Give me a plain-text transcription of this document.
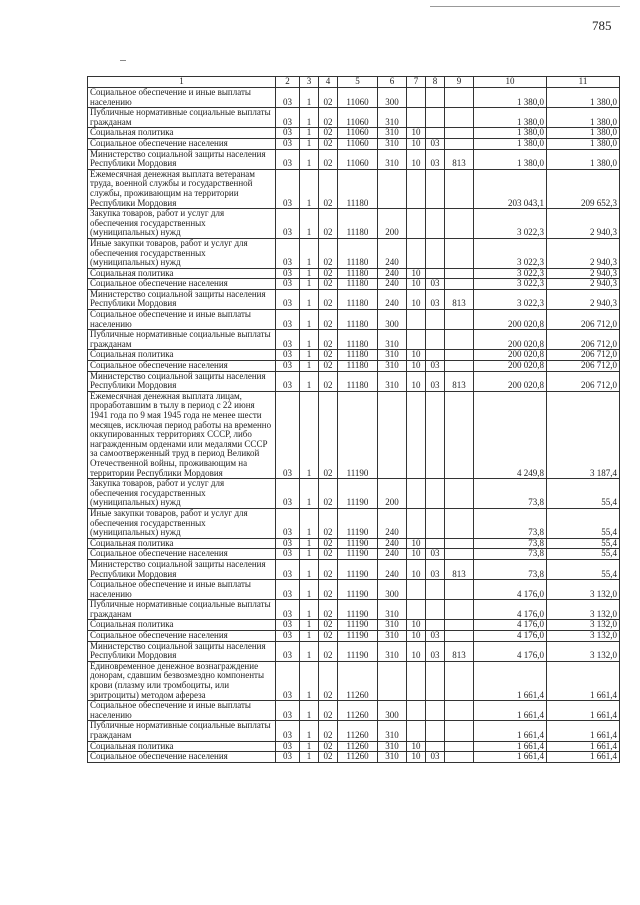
785
1	2	3	4	5	6	7	8	9	10	11
Социальное обеспечение и иные выплаты населению	03	1	02	11060	300				1 380,0	1 380,0
Публичные нормативные социальные выплаты гражданам	03	1	02	11060	310				1 380,0	1 380,0
Социальная политика	03	1	02	11060	310	10			1 380,0	1 380,0
Социальное обеспечение населения	03	1	02	11060	310	10	03		1 380,0	1 380,0
Министерство социальной защиты населения Республики Мордовия	03	1	02	11060	310	10	03	813	1 380,0	1 380,0
Ежемесячная денежная выплата ветеранам труда, военной службы и государственной службы, проживающим на территории Республики Мордовия	03	1	02	11180					203 043,1	209 652,3
Закупка товаров, работ и услуг для обеспечения государственных (муниципальных) нужд	03	1	02	11180	200				3 022,3	2 940,3
Иные закупки товаров, работ и услуг для обеспечения государственных (муниципальных) нужд	03	1	02	11180	240				3 022,3	2 940,3
Социальная политика	03	1	02	11180	240	10			3 022,3	2 940,3
Социальное обеспечение населения	03	1	02	11180	240	10	03		3 022,3	2 940,3
Министерство социальной защиты населения Республики Мордовия	03	1	02	11180	240	10	03	813	3 022,3	2 940,3
Социальное обеспечение и иные выплаты населению	03	1	02	11180	300				200 020,8	206 712,0
Публичные нормативные социальные выплаты гражданам	03	1	02	11180	310				200 020,8	206 712,0
Социальная политика	03	1	02	11180	310	10			200 020,8	206 712,0
Социальное обеспечение населения	03	1	02	11180	310	10	03		200 020,8	206 712,0
Министерство социальной защиты населения Республики Мордовия	03	1	02	11180	310	10	03	813	200 020,8	206 712,0
Ежемесячная денежная выплата лицам, проработавшим в тылу в период с 22 июня 1941 года по 9 мая 1945 года не менее шести месяцев, исключая период работы на временно оккупированных территориях СССР, либо награжденным орденами или медалями СССР за самоотверженный труд в период Великой Отечественной войны, проживающим на территории Республики Мордовия	03	1	02	11190					4 249,8	3 187,4
Закупка товаров, работ и услуг для обеспечения государственных (муниципальных) нужд	03	1	02	11190	200				73,8	55,4
Иные закупки товаров, работ и услуг для обеспечения государственных (муниципальных) нужд	03	1	02	11190	240				73,8	55,4
Социальная политика	03	1	02	11190	240	10			73,8	55,4
Социальное обеспечение населения	03	1	02	11190	240	10	03		73,8	55,4
Министерство социальной защиты населения Республики Мордовия	03	1	02	11190	240	10	03	813	73,8	55,4
Социальное обеспечение и иные выплаты населению	03	1	02	11190	300				4 176,0	3 132,0
Публичные нормативные социальные выплаты гражданам	03	1	02	11190	310				4 176,0	3 132,0
Социальная политика	03	1	02	11190	310	10			4 176,0	3 132,0
Социальное обеспечение населения	03	1	02	11190	310	10	03		4 176,0	3 132,0
Министерство социальной защиты населения Республики Мордовия	03	1	02	11190	310	10	03	813	4 176,0	3 132,0
Единовременное денежное вознаграждение донорам, сдавшим безвозмездно компоненты крови (плазму или тромбоциты, или эритроциты) методом афереза	03	1	02	11260					1 661,4	1 661,4
Социальное обеспечение и иные выплаты населению	03	1	02	11260	300				1 661,4	1 661,4
Публичные нормативные социальные выплаты гражданам	03	1	02	11260	310				1 661,4	1 661,4
Социальная политика	03	1	02	11260	310	10			1 661,4	1 661,4
Социальное обеспечение населения	03	1	02	11260	310	10	03		1 661,4	1 661,4
